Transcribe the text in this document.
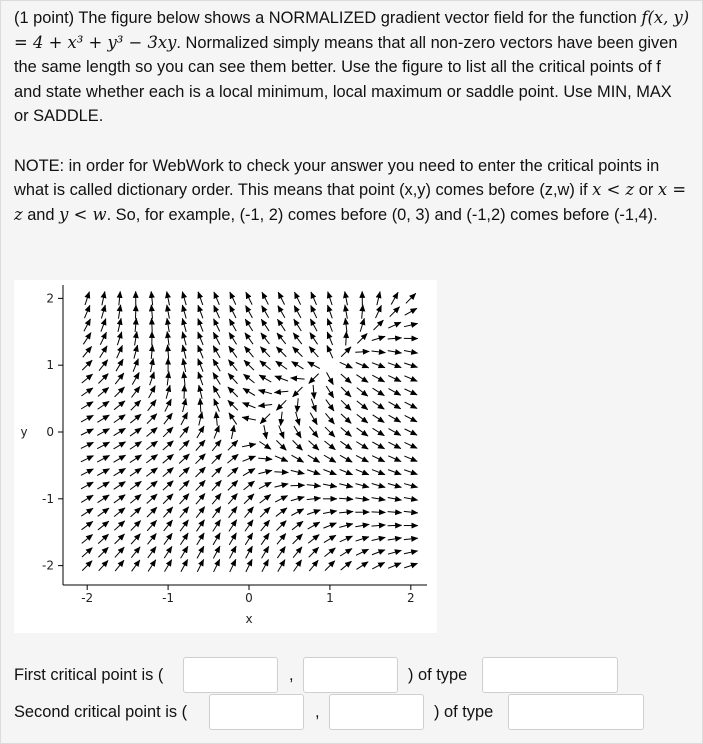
(1 point) The figure below shows a NORMALIZED gradient vector field for the function f(x, y) = 4 + x³ + y³ − 3xy. Normalized simply means that all non-zero vectors have been given the same length so you can see them better. Use the figure to list all the critical points of f and state whether each is a local minimum, local maximum or saddle point. Use MIN, MAX or SADDLE.

NOTE: in order for WebWork to check your answer you need to enter the critical points in what is called dictionary order. This means that point (x,y) comes before (z,w) if x < z or x = z and y < w. So, for example, (-1, 2) comes before (0, 3) and (-1,2) comes before (-1,4).

-2	-1	0	1	2
-2
-1
0
1
2
x
y
First critical point is (	,	) of type
Second critical point is (	,	) of type
